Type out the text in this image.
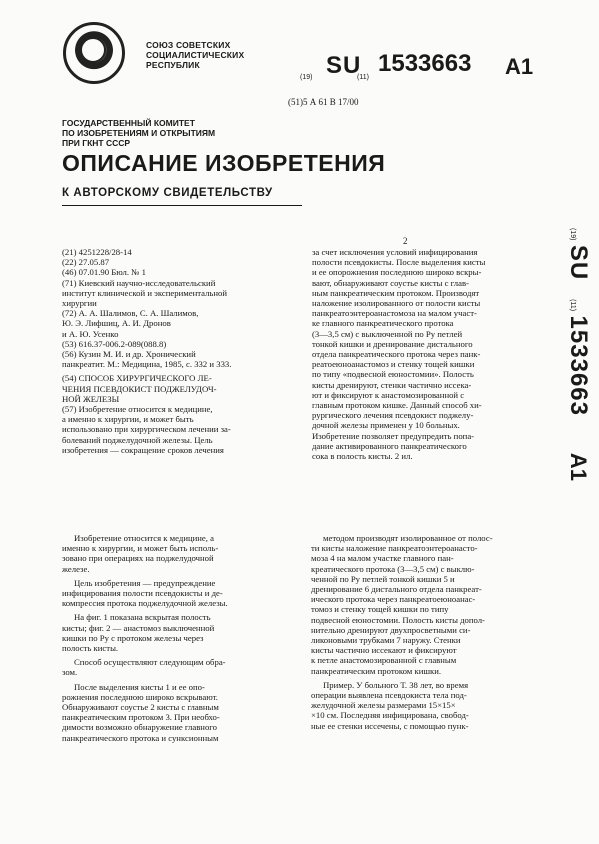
СОЮЗ СОВЕТСКИХ
СОЦИАЛИСТИЧЕСКИХ
РЕСПУБЛИК
(19) SU
(11)
1533663 A1
(51)5 А 61 В 17/00
ГОСУДАРСТВЕННЫЙ КОМИТЕТ
ПО ИЗОБРЕТЕНИЯМ И ОТКРЫТИЯМ
ПРИ ГКНТ СССР
ОПИСАНИЕ ИЗОБРЕТЕНИЯ
К АВТОРСКОМУ СВИДЕТЕЛЬСТВУ
2
(21) 4251228/28-14
(22) 27.05.87
(46) 07.01.90 Бюл. № 1
(71) Киевский научно-исследовательский
институт клинической и экспериментальной
хирургии
(72) А. А. Шалимов, С. А. Шалимов,
Ю. Э. Лифшиц, А. И. Дронов
и А. Ю. Усенко
(53) 616.37-006.2-089(088.8)
(56) Кузин М. И. и др. Хронический
панкреатит. М.: Медицина, 1985, с. 332 и 333.
(54) СПОСОБ ХИРУРГИЧЕСКОГО ЛЕ-
ЧЕНИЯ ПСЕВДОКИСТ ПОДЖЕЛУДОЧ-
НОЙ ЖЕЛЕЗЫ
(57) Изобретение относится к медицине,
а именно к хирургии, и может быть
использовано при хирургическом лечении за-
болеваний поджелудочной железы. Цель
изобретения — сокращение сроков лечения
за счет исключения условий инфицирования
полости псевдокисты. После выделения кисты
и ее опорожнения последнюю широко вскры-
вают, обнаруживают соустье кисты с глав-
ным панкреатическим протоком. Производят
наложение изолированного от полости кисты
панкреатоэнтероанастомоза на малом участ-
ке главного панкреатического протока
(3—3,5 см) с выключенной по Ру петлей
тонкой кишки и дренирование дистального
отдела панкреатического протока через панк-
реатоеюноанастомоз и стенку тощей кишки
по типу «подвесной еюностомии». Полость
кисты дренируют, стенки частично иссека-
ют и фиксируют к анастомозированной с
главным протоком кишке. Данный способ хи-
рургического лечения псевдокист поджелу-
дочной железы применен у 10 больных.
Изобретение позволяет предупредить попа-
дание активированного панкреатического
сока в полость кисты. 2 ил.
Изобретение относится к медицине, а
именно к хирургии, и может быть исполь-
зовано при операциях на поджелудочной
железе.
Цель изобретения — предупреждение
инфицирования полости псевдокисты и де-
компрессия протока поджелудочной железы.
На фиг. 1 показана вскрытая полость
кисты; фиг. 2 — анастомоз выключенной
кишки по Ру с протоком железы через
полость кисты.
Способ осуществляют следующим обра-
зом.
После выделения кисты 1 и ее опо-
рожнения последнюю широко вскрывают.
Обнаруживают соустье 2 кисты с главным
панкреатическим протоком 3. При необхо-
димости возможно обнаружение главного
панкреатического протока и сунксионным
методом производят изолированное от полос-
ти кисты наложение панкреатоэнтероанасто-
моза 4 на малом участке главного пан-
креатического протока (3—3,5 см) с выклю-
ченной по Ру петлей тонкой кишки 5 и
дренирование 6 дистального отдела панкреат-
ического протока через панкреатоеюноанас-
томоз и стенку тощей кишки по типу
подвесной еюностомии. Полость кисты допол-
нительно дренируют двухпросветными си-
ликоновыми трубками 7 наружу. Стенки
кисты частично иссекают и фиксируют
к петле анастомозированной с главным
панкреатическим протоком кишки.
Пример. У больного Т. 38 лет, во время
операции выявлена псевдокиста тела под-
желудочной железы размерами 15×15×
×10 см. Последняя инфицирована, свобод-
ные ее стенки иссечены, с помощью пунк-
(19) SU  (11) 1533663  A1
